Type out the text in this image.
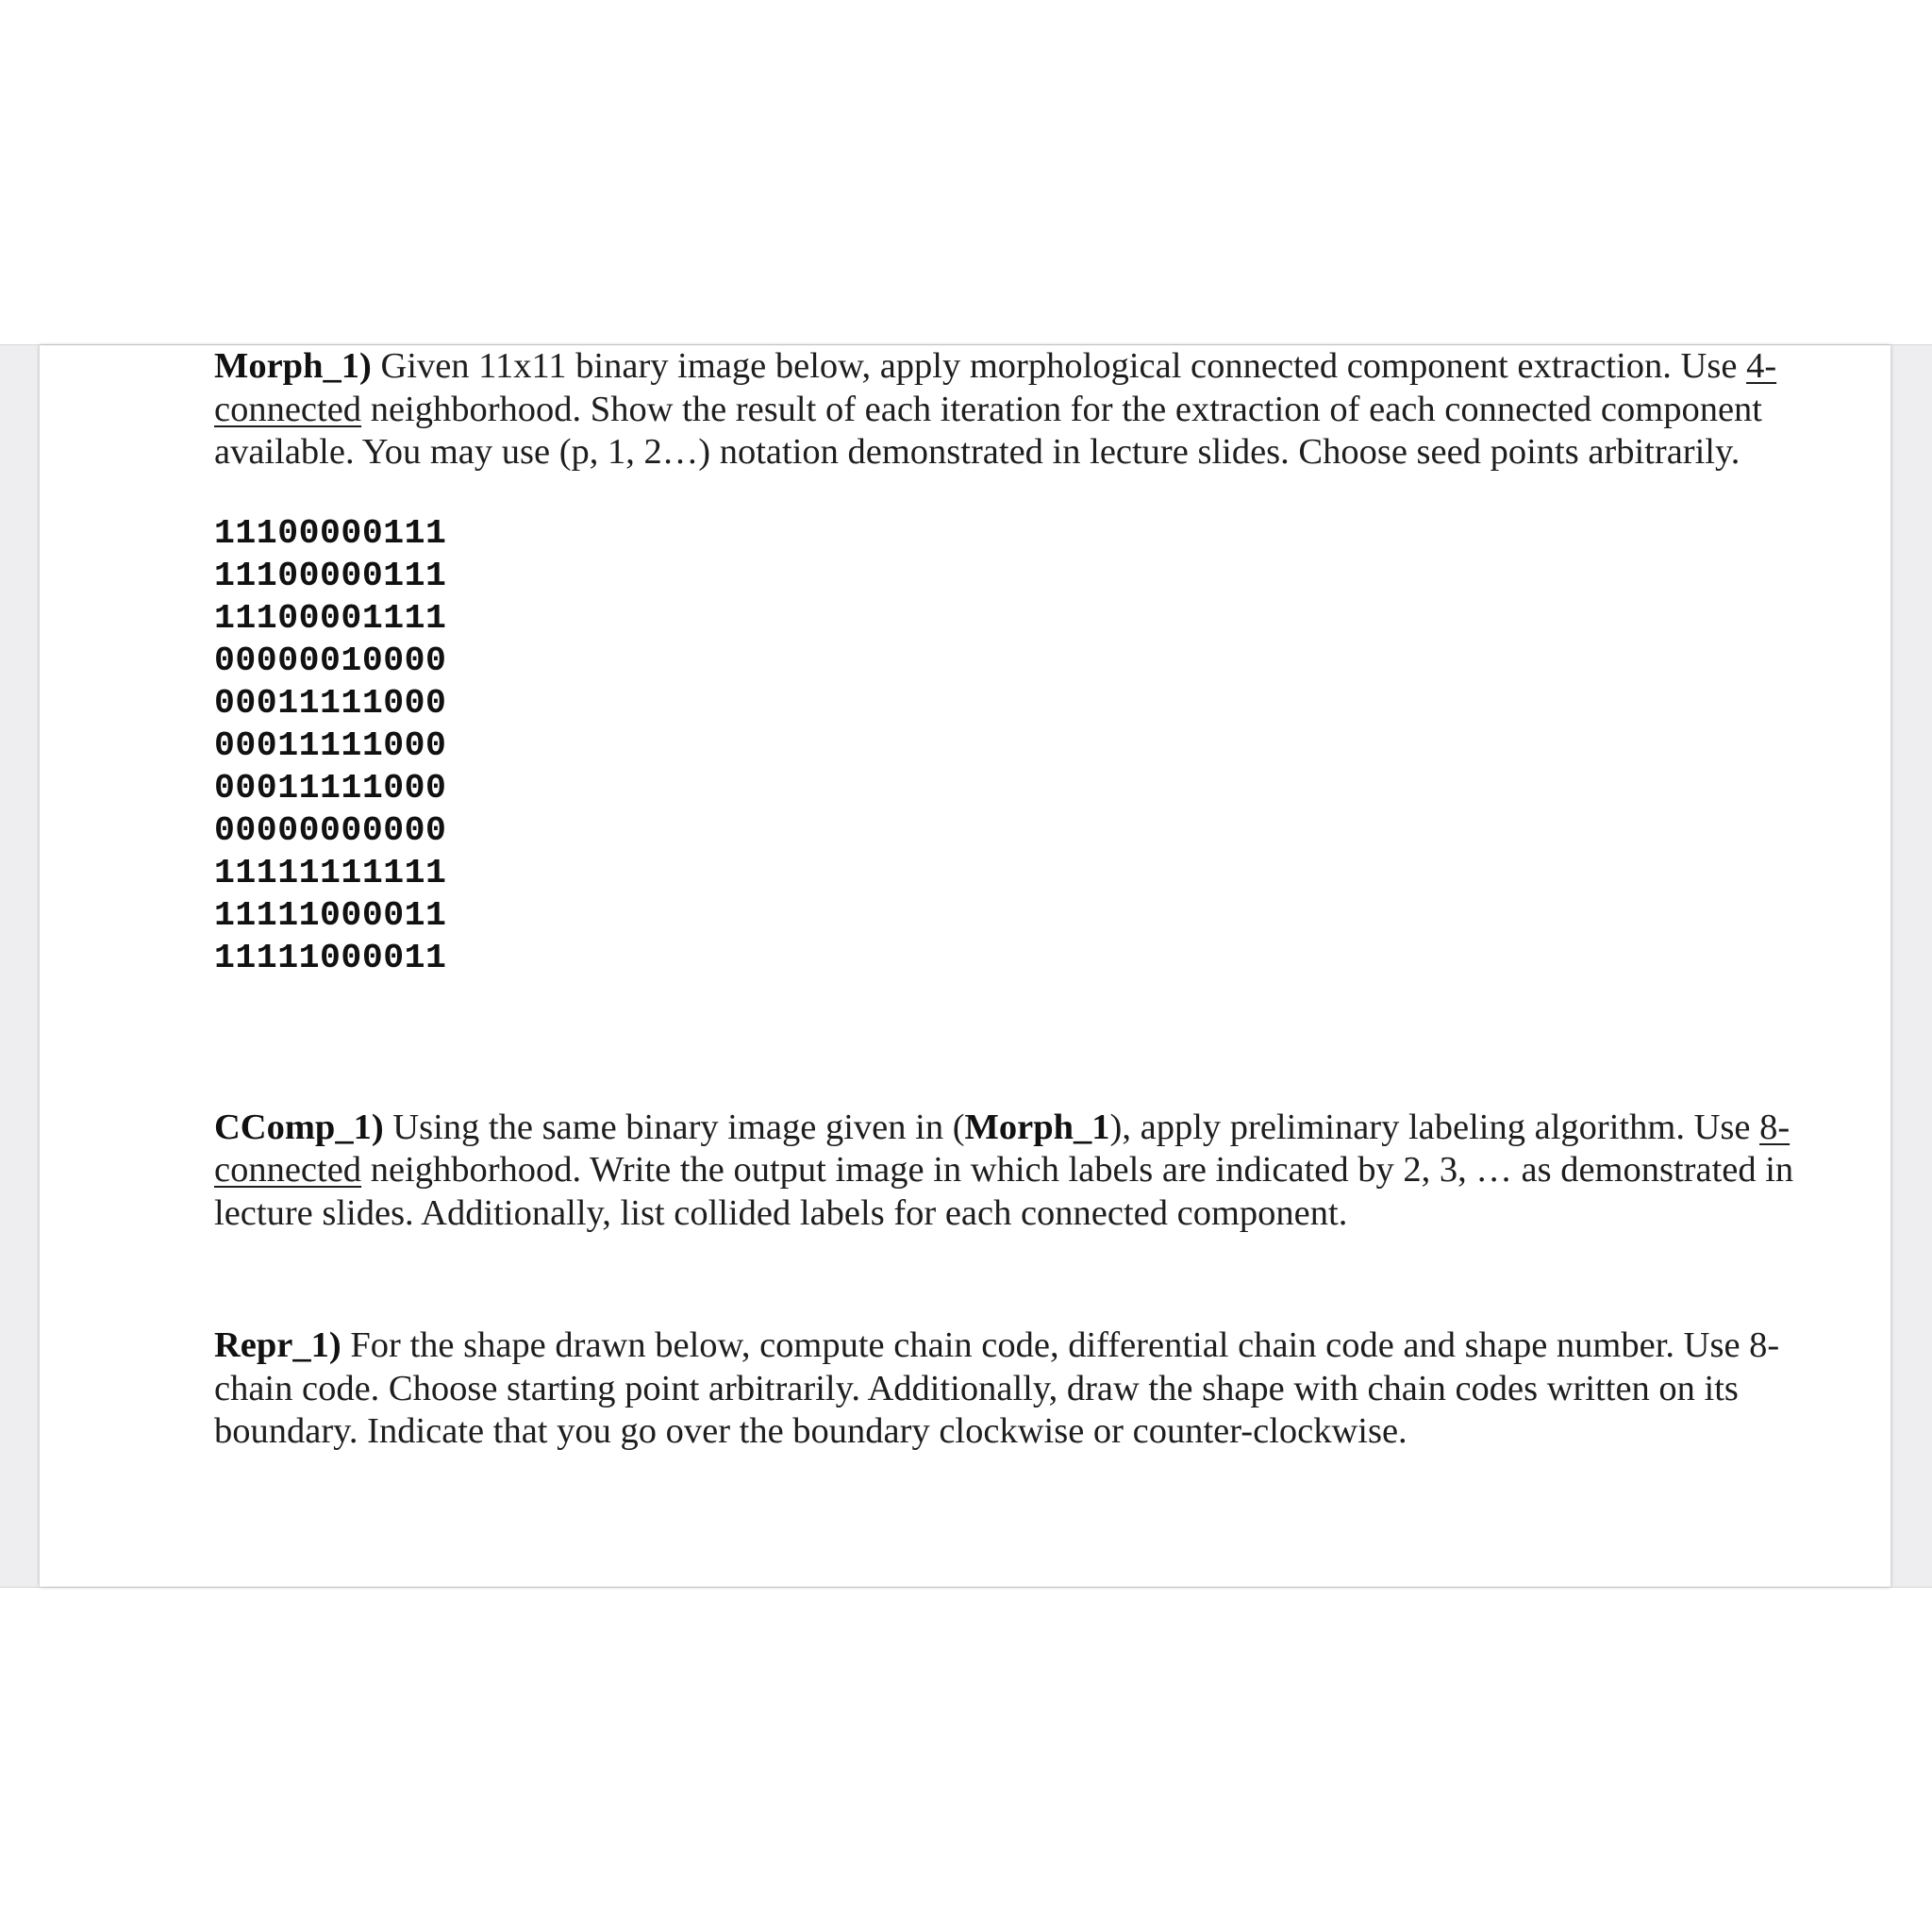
Morph_1) Given 11x11 binary image below, apply morphological connected component extraction. Use 4-connected neighborhood. Show the result of each iteration for the extraction of each connected component available. You may use (p, 1, 2…) notation demonstrated in lecture slides. Choose seed points arbitrarily.

11100000111
11100000111
11100001111
00000010000
00011111000
00011111000
00011111000
00000000000
11111111111
11111000011
11111000011

CComp_1) Using the same binary image given in (Morph_1), apply preliminary labeling algorithm. Use 8-connected neighborhood. Write the output image in which labels are indicated by 2, 3, … as demonstrated in lecture slides. Additionally, list collided labels for each connected component.

Repr_1) For the shape drawn below, compute chain code, differential chain code and shape number. Use 8-chain code. Choose starting point arbitrarily. Additionally, draw the shape with chain codes written on its boundary. Indicate that you go over the boundary clockwise or counter-clockwise.
